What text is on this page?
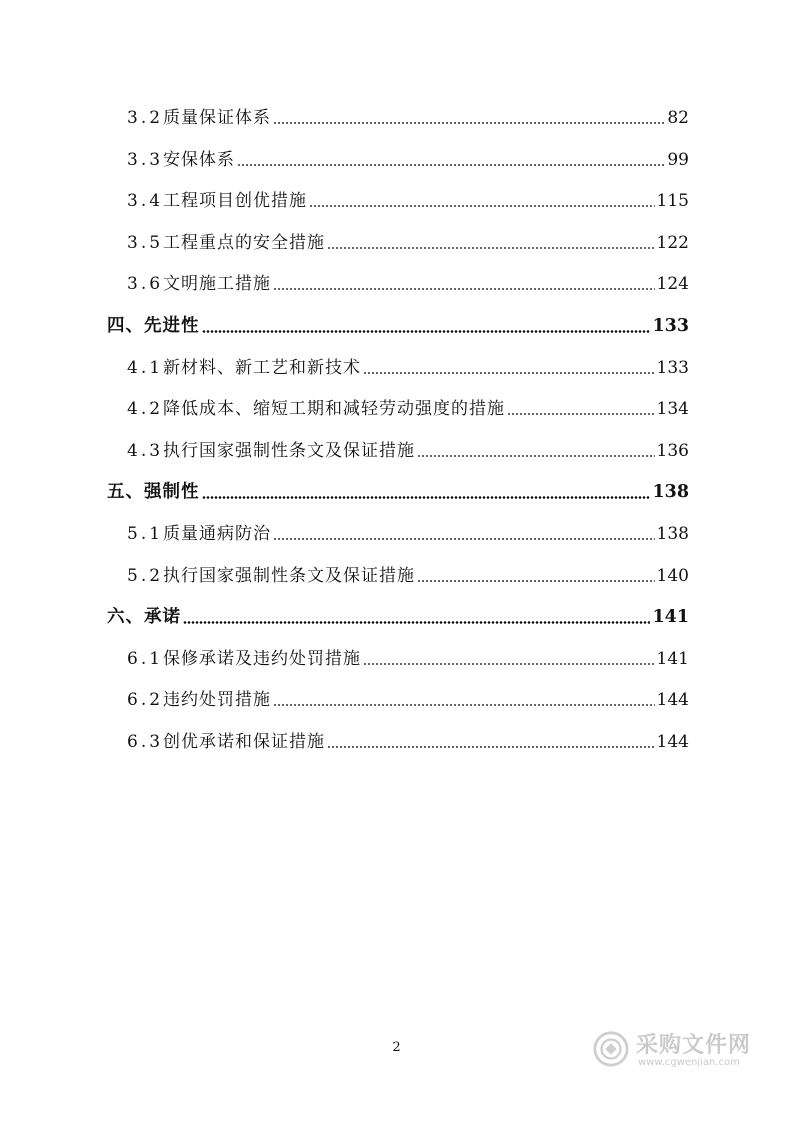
3.2 质量保证体系	82
3.3 安保体系	99
3.4 工程项目创优措施	115
3.5 工程重点的安全措施	122
3.6 文明施工措施	124
四、先进性	133
4.1 新材料、新工艺和新技术	133
4.2 降低成本、缩短工期和减轻劳动强度的措施	134
4.3 执行国家强制性条文及保证措施	136
五、强制性	138
5.1 质量通病防治	138
5.2 执行国家强制性条文及保证措施	140
六、承诺	141
6.1 保修承诺及违约处罚措施	141
6.2 违约处罚措施	144
6.3 创优承诺和保证措施	144
2	采购文件网
www.cgwenjian.com
